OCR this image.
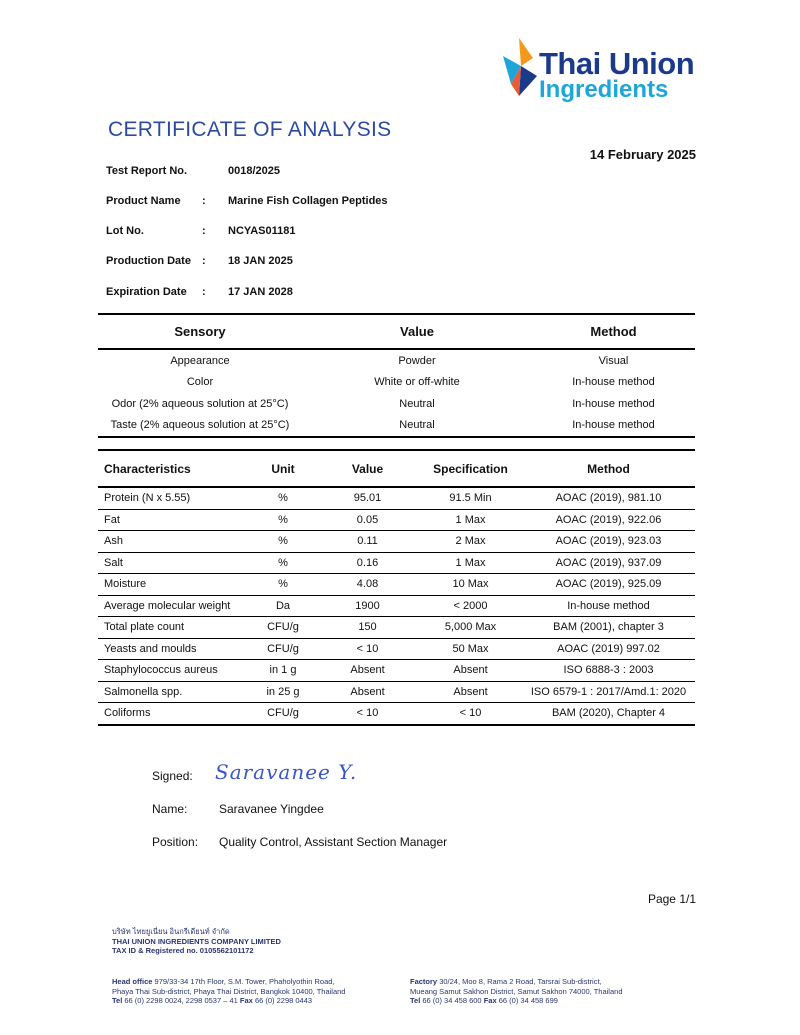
Thai Union
Ingredients
CERTIFICATE OF ANALYSIS
14 February 2025
Test Report No.	0018/2025
Product Name : Marine Fish Collagen Peptides
Lot No.	: NCYAS01181
Production Date : 18 JAN 2025
Expiration Date : 17 JAN 2028
Sensory	Value	Method
Appearance	Powder	Visual
Color	White or off-white	In-house method
Odor (2% aqueous solution at 25°C)	Neutral	In-house method
Taste (2% aqueous solution at 25°C)	Neutral	In-house method
Characteristics	Unit	Value	Specification	Method
Protein (N x 5.55)	%	95.01	91.5 Min	AOAC (2019), 981.10
Fat	%	0.05	1 Max	AOAC (2019), 922.06
Ash	%	0.11	2 Max	AOAC (2019), 923.03
Salt	%	0.16	1 Max	AOAC (2019), 937.09
Moisture	%	4.08	10 Max	AOAC (2019), 925.09
Average molecular weight	Da	1900	< 2000	In-house method
Total plate count	CFU/g	150	5,000 Max	BAM (2001), chapter 3
Yeasts and moulds	CFU/g	< 10	50 Max	AOAC (2019) 997.02
Staphylococcus aureus	in 1 g	Absent	Absent	ISO 6888-3 : 2003
Salmonella spp.	in 25 g	Absent	Absent	ISO 6579-1 : 2017/Amd.1: 2020
Coliforms	CFU/g	< 10	< 10	BAM (2020), Chapter 4
Signed: Saravanee Y.
Name:	Saravanee Yingdee
Position: Quality Control, Assistant Section Manager
Page 1/1
บริษัท ไทยยูเนี่ยน อินกรีเดียนท์ จำกัด
THAI UNION INGREDIENTS COMPANY LIMITED
TAX ID & Registered no. 0105562101172
Head office 979/33-34 17th Floor, S.M. Tower, Phaholyothin Road,
Phaya Thai Sub-district, Phaya Thai District, Bangkok 10400, Thailand
Tel 66 (0) 2298 0024, 2298 0537 – 41 Fax 66 (0) 2298 0443
Factory 30/24, Moo 8, Rama 2 Road, Tarsrai Sub-district,
Mueang Samut Sakhon District, Samut Sakhon 74000, Thailand
Tel 66 (0) 34 458 600 Fax 66 (0) 34 458 699
